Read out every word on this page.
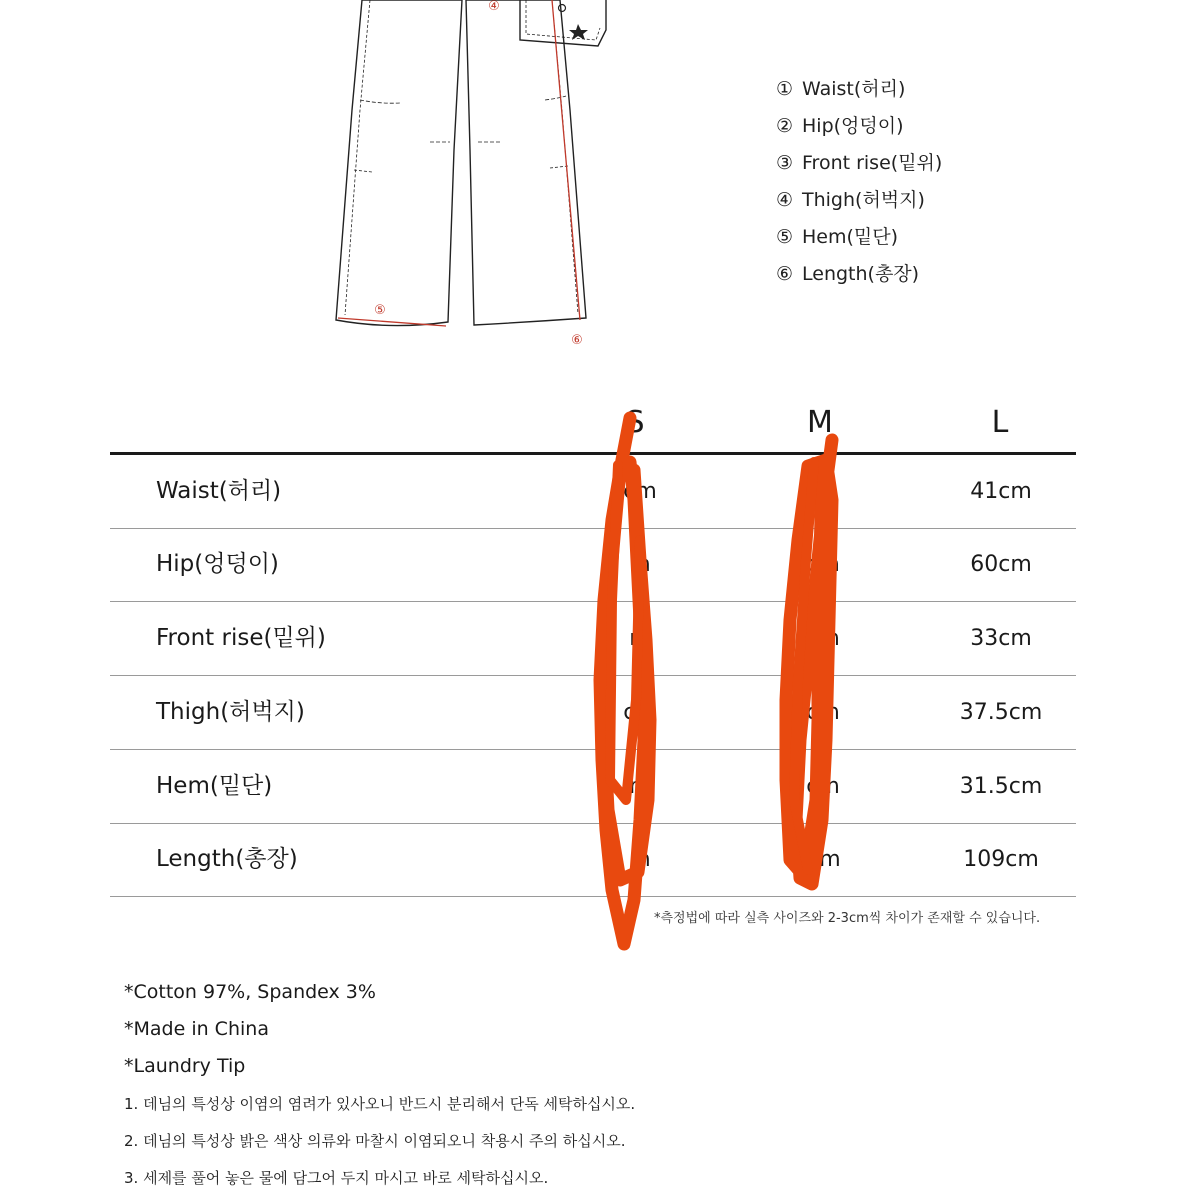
④
⑤
⑥
① Waist(허리)
② Hip(엉덩이)
③ Front rise(밑위)
④ Thigh(허벅지)
⑤ Hem(밑단)
⑥ Length(총장)
S	M	L
Waist(허리)	cm	m	41cm
Hip(엉덩이)	m	cm	60cm
Front rise(밑위)	m	cm	33cm
Thigh(허벅지)	cm	cm	37.5cm
Hem(밑단)	m	cm	31.5cm
Length(총장)	m	7m	109cm
*측정법에 따라 실측 사이즈와 2-3cm씩 차이가 존재할 수 있습니다.
*Cotton 97%, Spandex 3%
*Made in China
*Laundry Tip
1. 데님의 특성상 이염의 염려가 있사오니 반드시 분리해서 단독 세탁하십시오.
2. 데님의 특성상 밝은 색상 의류와 마찰시 이염되오니 착용시 주의 하십시오.
3. 세제를 풀어 놓은 물에 담그어 두지 마시고 바로 세탁하십시오.
